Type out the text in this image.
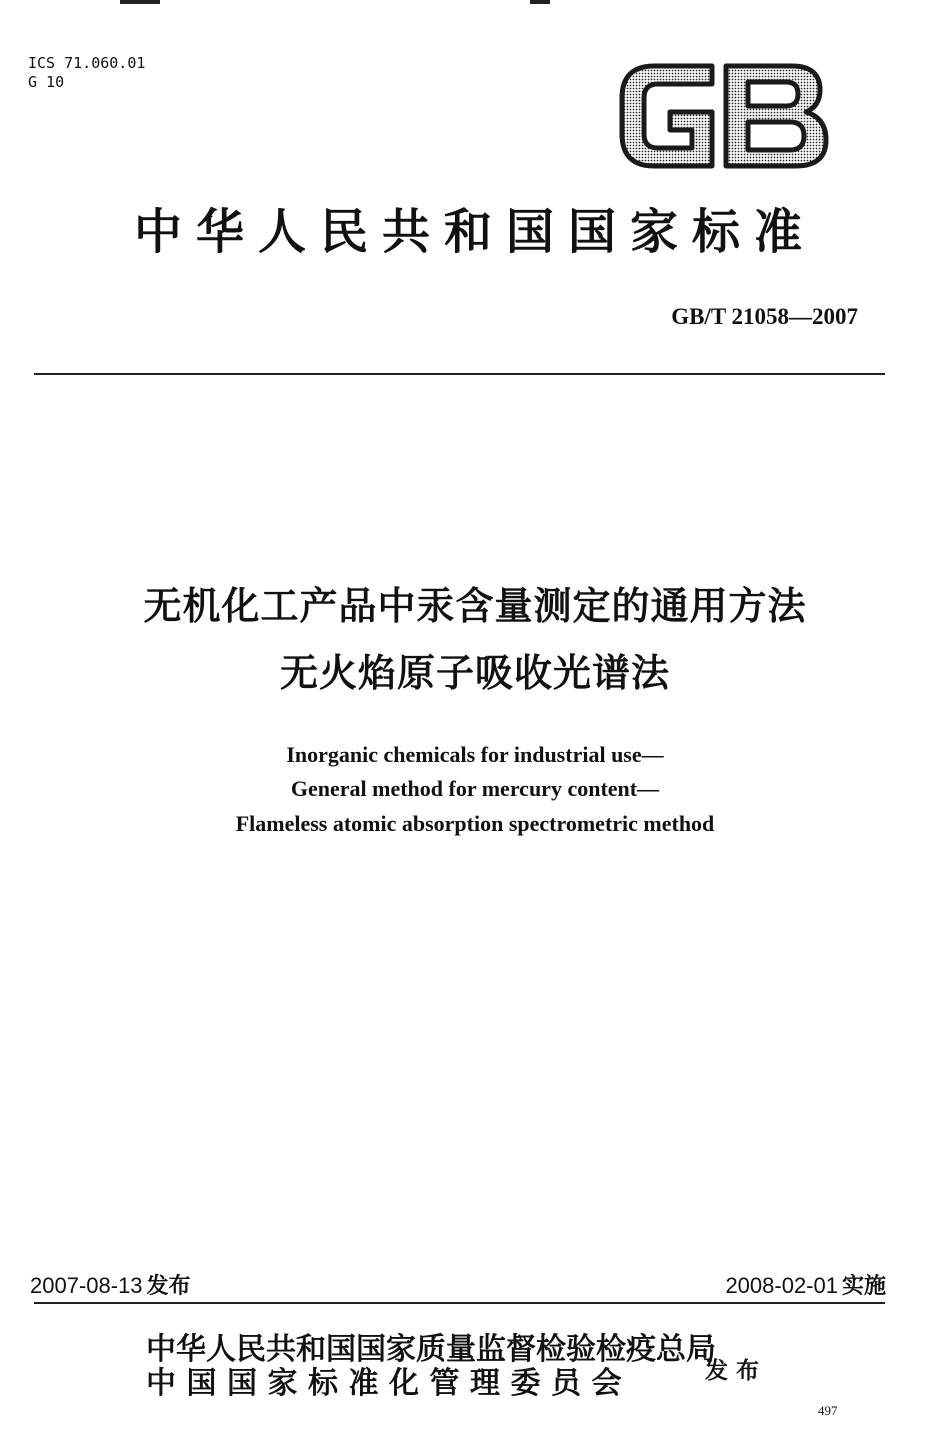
ICS 71.060.01
G 10
中华人民共和国国家标准
GB/T 21058—2007
无机化工产品中汞含量测定的通用方法
无火焰原子吸收光谱法
Inorganic chemicals for industrial use—
General method for mercury content—
Flameless atomic absorption spectrometric method
2007-08-13 发布	2008-02-01 实施
中华人民共和国国家质量监督检验检疫总局
中国国家标准化管理委员会	发布
497
